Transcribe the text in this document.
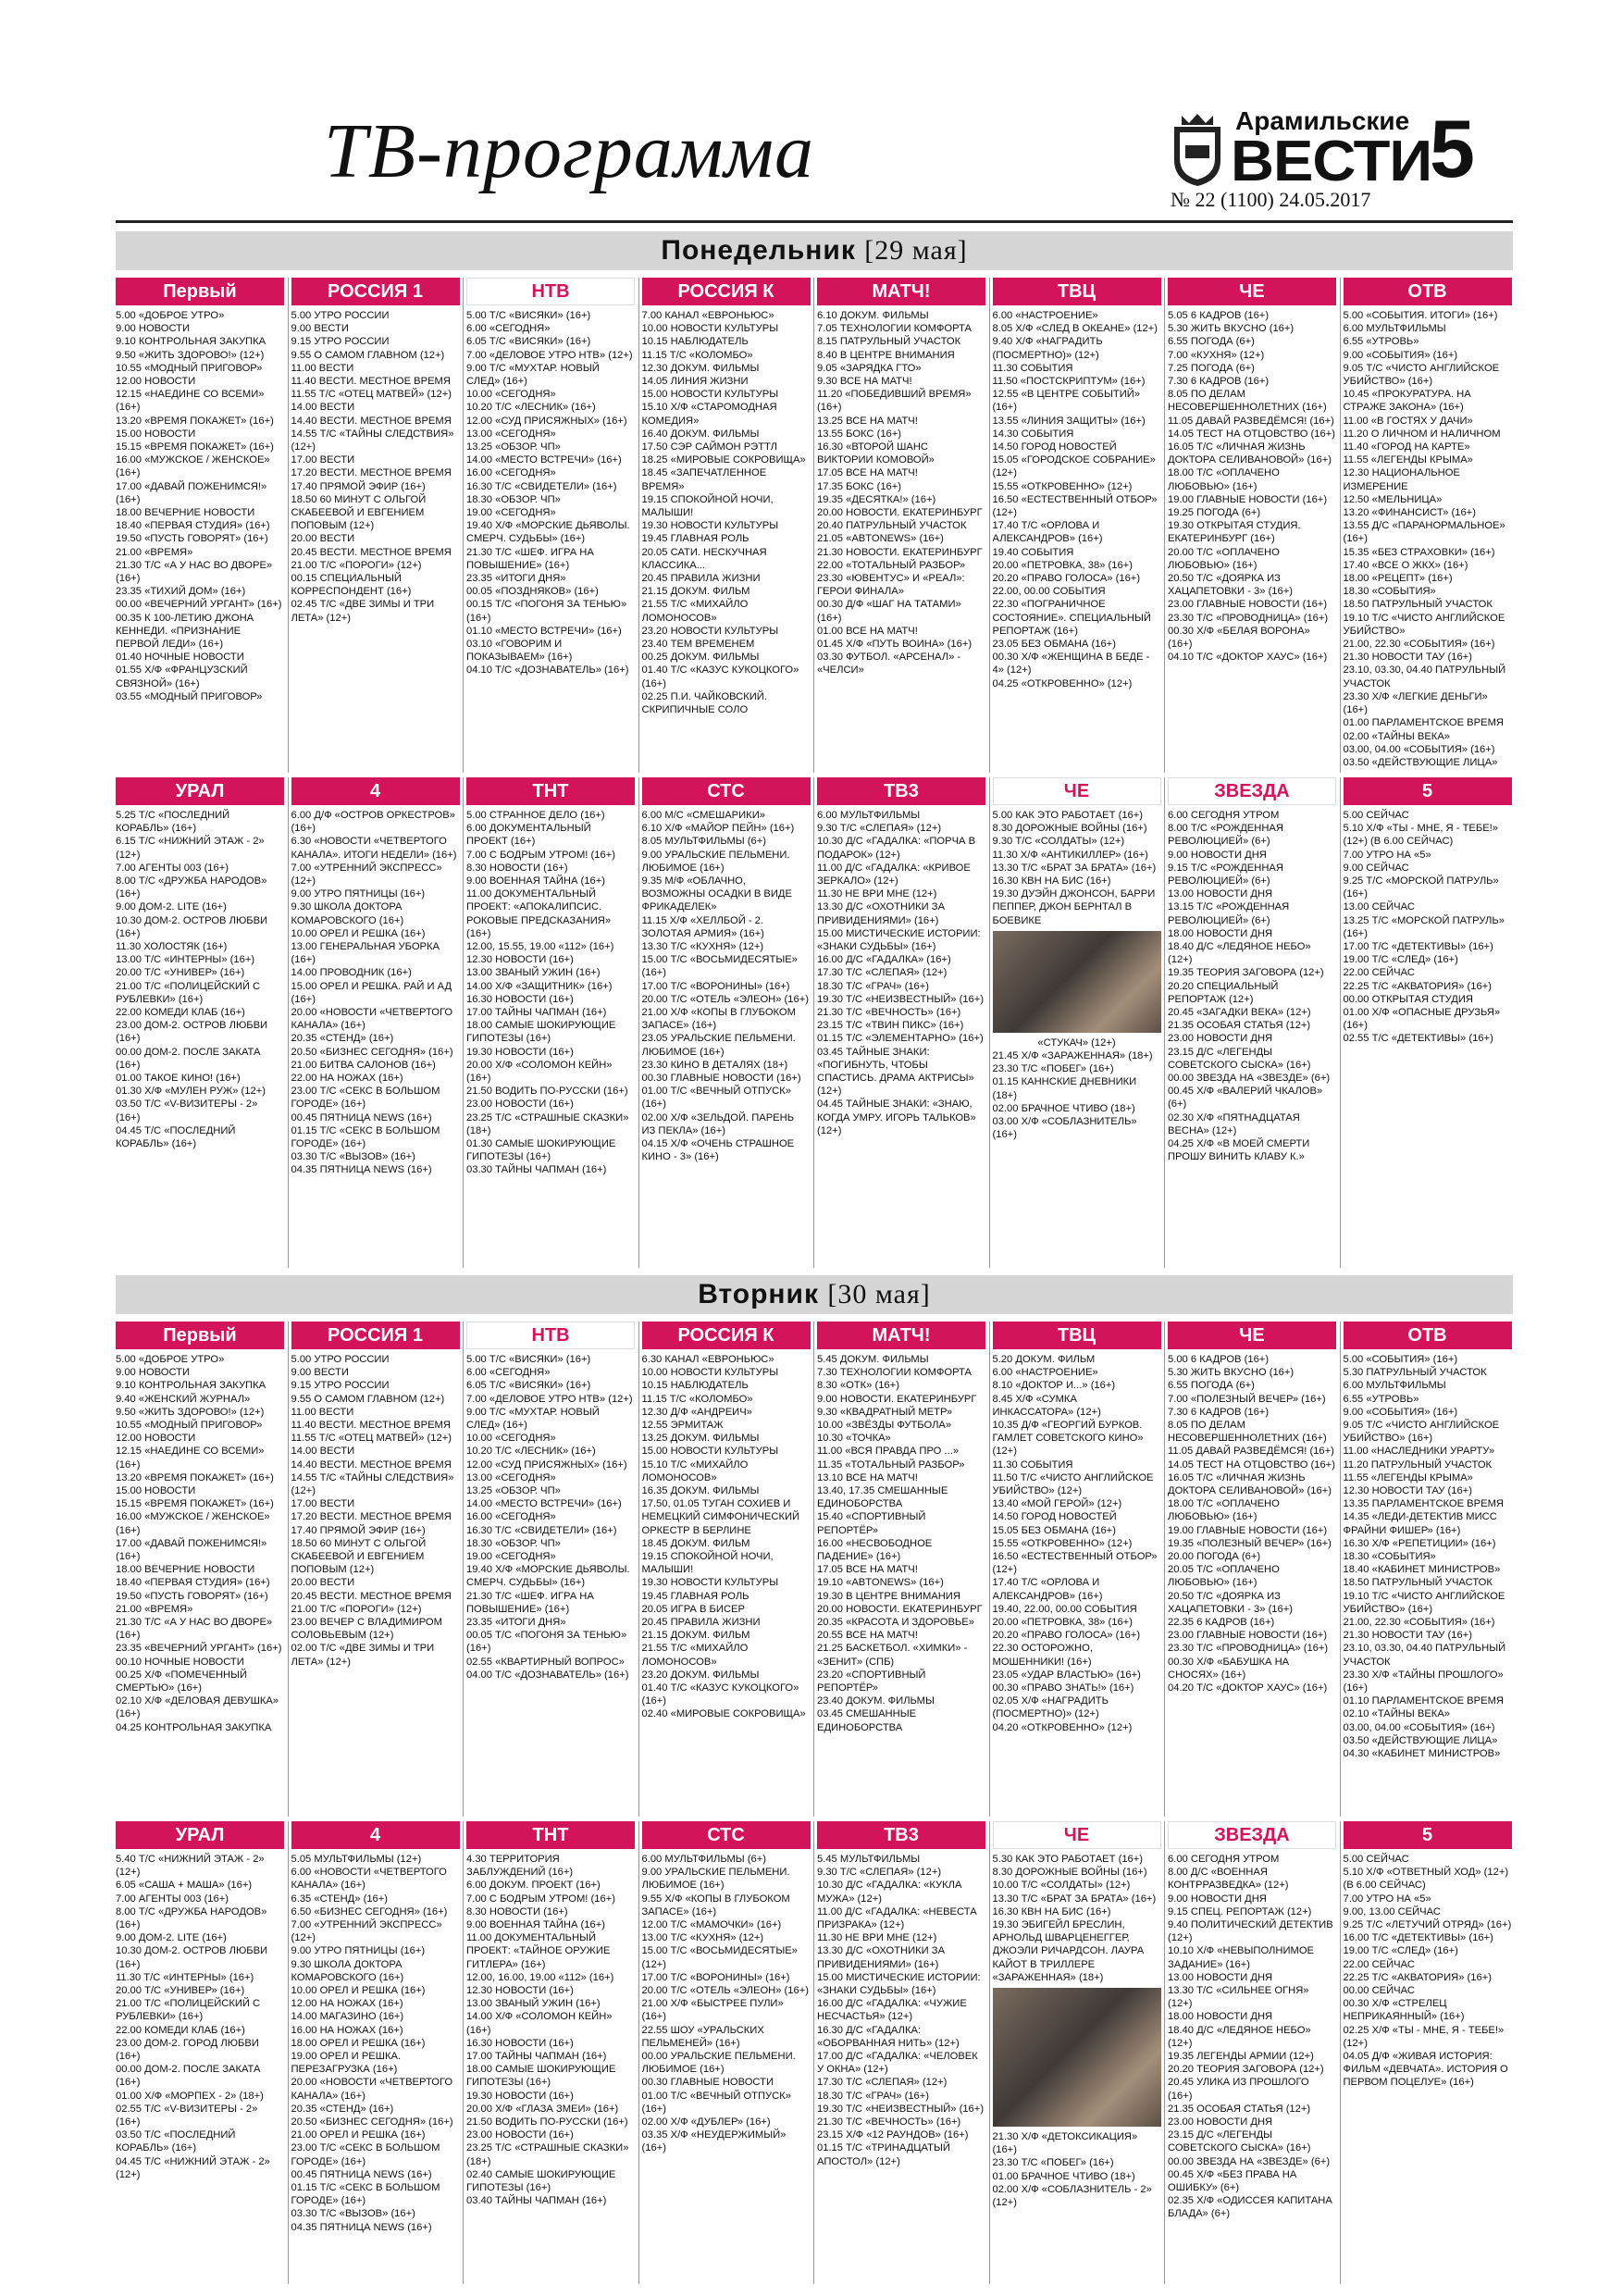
ТВ-программа	Арамильские
ВЕСТИ
5
№ 22 (1100) 24.05.2017
Понедельник [29 мая]
Первый
5.00 «ДОБРОЕ УТРО»
9.00 НОВОСТИ
9.10 КОНТРОЛЬНАЯ ЗАКУПКА
9.50 «ЖИТЬ ЗДОРОВО!» (12+)
10.55 «МОДНЫЙ ПРИГОВОР»
12.00 НОВОСТИ
12.15 «НАЕДИНЕ СО ВСЕМИ» (16+)
13.20 «ВРЕМЯ ПОКАЖЕТ» (16+)
15.00 НОВОСТИ
15.15 «ВРЕМЯ ПОКАЖЕТ» (16+)
16.00 «МУЖСКОЕ / ЖЕНСКОЕ» (16+)
17.00 «ДАВАЙ ПОЖЕНИМСЯ!» (16+)
18.00 ВЕЧЕРНИЕ НОВОСТИ
18.40 «ПЕРВАЯ СТУДИЯ» (16+)
19.50 «ПУСТЬ ГОВОРЯТ» (16+)
21.00 «ВРЕМЯ»
21.30 Т/С «А У НАС ВО ДВОРЕ» (16+)
23.35 «ТИХИЙ ДОМ» (16+)
00.00 «ВЕЧЕРНИЙ УРГАНТ» (16+)
00.35 К 100-ЛЕТИЮ ДЖОНА КЕННЕДИ. «ПРИЗНАНИЕ ПЕРВОЙ ЛЕДИ» (16+)
01.40 НОЧНЫЕ НОВОСТИ
01.55 Х/Ф «ФРАНЦУЗСКИЙ СВЯЗНОЙ» (16+)
03.55 «МОДНЫЙ ПРИГОВОР»
РОССИЯ 1
5.00 УТРО РОССИИ
9.00 ВЕСТИ
9.15 УТРО РОССИИ
9.55 О САМОМ ГЛАВНОМ (12+)
11.00 ВЕСТИ
11.40 ВЕСТИ. МЕСТНОЕ ВРЕМЯ
11.55 Т/С «ОТЕЦ МАТВЕЙ» (12+)
14.00 ВЕСТИ
14.40 ВЕСТИ. МЕСТНОЕ ВРЕМЯ
14.55 Т/С «ТАЙНЫ СЛЕДСТВИЯ» (12+)
17.00 ВЕСТИ
17.20 ВЕСТИ. МЕСТНОЕ ВРЕМЯ
17.40 ПРЯМОЙ ЭФИР (16+)
18.50 60 МИНУТ С ОЛЬГОЙ СКАБЕЕВОЙ И ЕВГЕНИЕМ ПОПОВЫМ (12+)
20.00 ВЕСТИ
20.45 ВЕСТИ. МЕСТНОЕ ВРЕМЯ
21.00 Т/С «ПОРОГИ» (12+)
00.15 СПЕЦИАЛЬНЫЙ КОРРЕСПОНДЕНТ (16+)
02.45 Т/С «ДВЕ ЗИМЫ И ТРИ ЛЕТА» (12+)
НТВ
5.00 Т/С «ВИСЯКИ» (16+)
6.00 «СЕГОДНЯ»
6.05 Т/С «ВИСЯКИ» (16+)
7.00 «ДЕЛОВОЕ УТРО НТВ» (12+)
9.00 Т/С «МУХТАР. НОВЫЙ СЛЕД» (16+)
10.00 «СЕГОДНЯ»
10.20 Т/С «ЛЕСНИК» (16+)
12.00 «СУД ПРИСЯЖНЫХ» (16+)
13.00 «СЕГОДНЯ»
13.25 «ОБЗОР. ЧП»
14.00 «МЕСТО ВСТРЕЧИ» (16+)
16.00 «СЕГОДНЯ»
16.30 Т/С «СВИДЕТЕЛИ» (16+)
18.30 «ОБЗОР. ЧП»
19.00 «СЕГОДНЯ»
19.40 Х/Ф «МОРСКИЕ ДЬЯВОЛЫ. СМЕРЧ. СУДЬБЫ» (16+)
21.30 Т/С «ШЕФ. ИГРА НА ПОВЫШЕНИЕ» (16+)
23.35 «ИТОГИ ДНЯ»
00.05 «ПОЗДНЯКОВ» (16+)
00.15 Т/С «ПОГОНЯ ЗА ТЕНЬЮ» (16+)
01.10 «МЕСТО ВСТРЕЧИ» (16+)
03.10 «ГОВОРИМ И ПОКАЗЫВАЕМ» (16+)
04.10 Т/С «ДОЗНАВАТЕЛЬ» (16+)
РОССИЯ К
7.00 КАНАЛ «ЕВРОНЬЮС»
10.00 НОВОСТИ КУЛЬТУРЫ
10.15 НАБЛЮДАТЕЛЬ
11.15 Т/С «КОЛОМБО»
12.30 ДОКУМ. ФИЛЬМЫ
14.05 ЛИНИЯ ЖИЗНИ
15.00 НОВОСТИ КУЛЬТУРЫ
15.10 Х/Ф «СТАРОМОДНАЯ КОМЕДИЯ»
16.40 ДОКУМ. ФИЛЬМЫ
17.50 СЭР САЙМОН РЭТТЛ
18.25 «МИРОВЫЕ СОКРОВИЩА»
18.45 «ЗАПЕЧАТЛЕННОЕ ВРЕМЯ»
19.15 СПОКОЙНОЙ НОЧИ, МАЛЫШИ!
19.30 НОВОСТИ КУЛЬТУРЫ
19.45 ГЛАВНАЯ РОЛЬ
20.05 САТИ. НЕСКУЧНАЯ КЛАССИКА...
20.45 ПРАВИЛА ЖИЗНИ
21.15 ДОКУМ. ФИЛЬМ
21.55 Т/С «МИХАЙЛО ЛОМОНОСОВ»
23.20 НОВОСТИ КУЛЬТУРЫ
23.40 ТЕМ ВРЕМЕНЕМ
00.25 ДОКУМ. ФИЛЬМЫ
01.40 Т/С «КАЗУС КУКОЦКОГО» (16+)
02.25 П.И. ЧАЙКОВСКИЙ. СКРИПИЧНЫЕ СОЛО
МАТЧ!
6.10 ДОКУМ. ФИЛЬМЫ
7.05 ТЕХНОЛОГИИ КОМФОРТА
8.15 ПАТРУЛЬНЫЙ УЧАСТОК
8.40 В ЦЕНТРЕ ВНИМАНИЯ
9.05 «ЗАРЯДКА ГТО»
9.30 ВСЕ НА МАТЧ!
11.20 «ПОБЕДИВШИЙ ВРЕМЯ» (16+)
13.25 ВСЕ НА МАТЧ!
13.55 БОКС (16+)
16.30 «ВТОРОЙ ШАНС ВИКТОРИИ КОМОВОЙ»
17.05 ВСЕ НА МАТЧ!
17.35 БОКС (16+)
19.35 «ДЕСЯТКА!» (16+)
20.00 НОВОСТИ. ЕКАТЕРИНБУРГ
20.40 ПАТРУЛЬНЫЙ УЧАСТОК
21.05 «ABTONEWS» (16+)
21.30 НОВОСТИ. ЕКАТЕРИНБУРГ
22.00 «ТОТАЛЬНЫЙ РАЗБОР»
23.30 «ЮВЕНТУС» И «РЕАЛ»: ГЕРОИ ФИНАЛА»
00.30 Д/Ф «ШАГ НА ТАТАМИ» (16+)
01.00 ВСЕ НА МАТЧ!
01.45 Х/Ф «ПУТЬ ВОИНА» (16+)
03.30 ФУТБОЛ. «АРСЕНАЛ» - «ЧЕЛСИ»
ТВЦ
6.00 «НАСТРОЕНИЕ»
8.05 Х/Ф «СЛЕД В ОКЕАНЕ» (12+)
9.40 Х/Ф «НАГРАДИТЬ (ПОСМЕРТНО)» (12+)
11.30 СОБЫТИЯ
11.50 «ПОСТСКРИПТУМ» (16+)
12.55 «В ЦЕНТРЕ СОБЫТИЙ» (16+)
13.55 «ЛИНИЯ ЗАЩИТЫ» (16+)
14.30 СОБЫТИЯ
14.50 ГОРОД НОВОСТЕЙ
15.05 «ГОРОДСКОЕ СОБРАНИЕ» (12+)
15.55 «ОТКРОВЕННО» (12+)
16.50 «ЕСТЕСТВЕННЫЙ ОТБОР» (12+)
17.40 Т/С «ОРЛОВА И АЛЕКСАНДРОВ» (16+)
19.40 СОБЫТИЯ
20.00 «ПЕТРОВКА, 38» (16+)
20.20 «ПРАВО ГОЛОСА» (16+)
22.00, 00.00 СОБЫТИЯ
22.30 «ПОГРАНИЧНОЕ СОСТОЯНИЕ». СПЕЦИАЛЬНЫЙ РЕПОРТАЖ (16+)
23.05 БЕЗ ОБМАНА (16+)
00.30 Х/Ф «ЖЕНЩИНА В БЕДЕ - 4» (12+)
04.25 «ОТКРОВЕННО» (12+)
ЧЕ
5.05 6 КАДРОВ (16+)
5.30 ЖИТЬ ВКУСНО (16+)
6.55 ПОГОДА (6+)
7.00 «КУХНЯ» (12+)
7.25 ПОГОДА (6+)
7.30 6 КАДРОВ (16+)
8.05 ПО ДЕЛАМ НЕСОВЕРШЕННОЛЕТНИХ (16+)
11.05 ДАВАЙ РАЗВЕДЁМСЯ! (16+)
14.05 ТЕСТ НА ОТЦОВСТВО (16+)
16.05 Т/С «ЛИЧНАЯ ЖИЗНЬ ДОКТОРА СЕЛИВАНОВОЙ» (16+)
18.00 Т/С «ОПЛАЧЕНО ЛЮБОВЬЮ» (16+)
19.00 ГЛАВНЫЕ НОВОСТИ (16+)
19.25 ПОГОДА (6+)
19.30 ОТКРЫТАЯ СТУДИЯ. ЕКАТЕРИНБУРГ (16+)
20.00 Т/С «ОПЛАЧЕНО ЛЮБОВЬЮ» (16+)
20.50 Т/С «ДОЯРКА ИЗ ХАЦАПЕТОВКИ - 3» (16+)
23.00 ГЛАВНЫЕ НОВОСТИ (16+)
23.30 Т/С «ПРОВОДНИЦА» (16+)
00.30 Х/Ф «БЕЛАЯ ВОРОНА» (16+)
04.10 Т/С «ДОКТОР ХАУС» (16+)
ОТВ
5.00 «СОБЫТИЯ. ИТОГИ» (16+)
6.00 МУЛЬТФИЛЬМЫ
6.55 «УТРОВЬ»
9.00 «СОБЫТИЯ» (16+)
9.05 Т/С «ЧИСТО АНГЛИЙСКОЕ УБИЙСТВО» (16+)
10.45 «ПРОКУРАТУРА. НА СТРАЖЕ ЗАКОНА» (16+)
11.00 «В ГОСТЯХ У ДАЧИ»
11.20 О ЛИЧНОМ И НАЛИЧНОМ
11.40 «ГОРОД НА КАРТЕ»
11.55 «ЛЕГЕНДЫ КРЫМА»
12.30 НАЦИОНАЛЬНОЕ ИЗМЕРЕНИЕ
12.50 «МЕЛЬНИЦА»
13.20 «ФИНАНСИСТ» (16+)
13.55 Д/С «ПАРАНОРМАЛЬНОЕ» (16+)
15.35 «БЕЗ СТРАХОВКИ» (16+)
17.40 «ВСЕ О ЖКХ» (16+)
18.00 «РЕЦЕПТ» (16+)
18.30 «СОБЫТИЯ»
18.50 ПАТРУЛЬНЫЙ УЧАСТОК
19.10 Т/С «ЧИСТО АНГЛИЙСКОЕ УБИЙСТВО»
21.00, 22.30 «СОБЫТИЯ» (16+)
21.30 НОВОСТИ ТАУ (16+)
23.10, 03.30, 04.40 ПАТРУЛЬНЫЙ УЧАСТОК
23.30 Х/Ф «ЛЕГКИЕ ДЕНЬГИ» (16+)
01.00 ПАРЛАМЕНТСКОЕ ВРЕМЯ
02.00 «ТАЙНЫ ВЕКА»
03.00, 04.00 «СОБЫТИЯ» (16+)
03.50 «ДЕЙСТВУЮЩИЕ ЛИЦА»
УРАЛ
5.25 Т/С «ПОСЛЕДНИЙ КОРАБЛЬ» (16+)
6.15 Т/С «НИЖНИЙ ЭТАЖ - 2» (12+)
7.00 АГЕНТЫ 003 (16+)
8.00 Т/С «ДРУЖБА НАРОДОВ» (16+)
9.00 ДОМ-2. LITE (16+)
10.30 ДОМ-2. ОСТРОВ ЛЮБВИ (16+)
11.30 ХОЛОСТЯК (16+)
13.00 Т/С «ИНТЕРНЫ» (16+)
20.00 Т/С «УНИВЕР» (16+)
21.00 Т/С «ПОЛИЦЕЙСКИЙ С РУБЛЕВКИ» (16+)
22.00 КОМЕДИ КЛАБ (16+)
23.00 ДОМ-2. ОСТРОВ ЛЮБВИ (16+)
00.00 ДОМ-2. ПОСЛЕ ЗАКАТА (16+)
01.00 ТАКОЕ КИНО! (16+)
01.30 Х/Ф «МУЛЕН РУЖ» (12+)
03.50 Т/С «V-ВИЗИТЕРЫ - 2» (16+)
04.45 Т/С «ПОСЛЕДНИЙ КОРАБЛЬ» (16+)
4
6.00 Д/Ф «ОСТРОВ ОРКЕСТРОВ» (16+)
6.30 «НОВОСТИ «ЧЕТВЕРТОГО КАНАЛА». ИТОГИ НЕДЕЛИ» (16+)
7.00 «УТРЕННИЙ ЭКСПРЕСС» (12+)
9.00 УТРО ПЯТНИЦЫ (16+)
9.30 ШКОЛА ДОКТОРА КОМАРОВСКОГО (16+)
10.00 ОРЕЛ И РЕШКА (16+)
13.00 ГЕНЕРАЛЬНАЯ УБОРКА (16+)
14.00 ПРОВОДНИК (16+)
15.00 ОРЕЛ И РЕШКА. РАЙ И АД (16+)
20.00 «НОВОСТИ «ЧЕТВЕРТОГО КАНАЛА» (16+)
20.35 «СТЕНД» (16+)
20.50 «БИЗНЕС СЕГОДНЯ» (16+)
21.00 БИТВА САЛОНОВ (16+)
22.00 НА НОЖАХ (16+)
23.00 Т/С «СЕКС В БОЛЬШОМ ГОРОДЕ» (16+)
00.45 ПЯТНИЦА NEWS (16+)
01.15 Т/С «СЕКС В БОЛЬШОМ ГОРОДЕ» (16+)
03.30 Т/С «ВЫЗОВ» (16+)
04.35 ПЯТНИЦА NEWS (16+)
ТНТ
5.00 СТРАННОЕ ДЕЛО (16+)
6.00 ДОКУМЕНТАЛЬНЫЙ ПРОЕКТ (16+)
7.00 С БОДРЫМ УТРОМ! (16+)
8.30 НОВОСТИ (16+)
9.00 ВОЕННАЯ ТАЙНА (16+)
11.00 ДОКУМЕНТАЛЬНЫЙ ПРОЕКТ: «АПОКАЛИПСИС. РОКОВЫЕ ПРЕДСКАЗАНИЯ» (16+)
12.00, 15.55, 19.00 «112» (16+)
12.30 НОВОСТИ (16+)
13.00 ЗВАНЫЙ УЖИН (16+)
14.00 Х/Ф «ЗАЩИТНИК» (16+)
16.30 НОВОСТИ (16+)
17.00 ТАЙНЫ ЧАПМАН (16+)
18.00 САМЫЕ ШОКИРУЮЩИЕ ГИПОТЕЗЫ (16+)
19.30 НОВОСТИ (16+)
20.00 Х/Ф «СОЛОМОН КЕЙН» (16+)
21.50 ВОДИТЬ ПО-РУССКИ (16+)
23.00 НОВОСТИ (16+)
23.25 Т/С «СТРАШНЫЕ СКАЗКИ» (18+)
01.30 САМЫЕ ШОКИРУЮЩИЕ ГИПОТЕЗЫ (16+)
03.30 ТАЙНЫ ЧАПМАН (16+)
СТС
6.00 М/С «СМЕШАРИКИ»
6.10 Х/Ф «МАЙОР ПЕЙН» (16+)
8.05 МУЛЬТФИЛЬМЫ (6+)
9.00 УРАЛЬСКИЕ ПЕЛЬМЕНИ. ЛЮБИМОЕ (16+)
9.35 М/Ф «ОБЛАЧНО, ВОЗМОЖНЫ ОСАДКИ В ВИДЕ ФРИКАДЕЛЕК»
11.15 Х/Ф «ХЕЛЛБОЙ - 2. ЗОЛОТАЯ АРМИЯ» (16+)
13.30 Т/С «КУХНЯ» (12+)
15.00 Т/С «ВОСЬМИДЕСЯТЫЕ» (16+)
17.00 Т/С «ВОРОНИНЫ» (16+)
20.00 Т/С «ОТЕЛЬ «ЭЛЕОН» (16+)
21.00 Х/Ф «КОПЫ В ГЛУБОКОМ ЗАПАСЕ» (16+)
23.05 УРАЛЬСКИЕ ПЕЛЬМЕНИ. ЛЮБИМОЕ (16+)
23.30 КИНО В ДЕТАЛЯХ (18+)
00.30 ГЛАВНЫЕ НОВОСТИ (16+)
01.00 Т/С «ВЕЧНЫЙ ОТПУСК» (16+)
02.00 Х/Ф «ЗЕЛЬДОЙ. ПАРЕНЬ ИЗ ПЕКЛА» (16+)
04.15 Х/Ф «ОЧЕНЬ СТРАШНОЕ КИНО - 3» (16+)
ТВ3
6.00 МУЛЬТФИЛЬМЫ
9.30 Т/С «СЛЕПАЯ» (12+)
10.30 Д/С «ГАДАЛКА: «ПОРЧА В ПОДАРОК» (12+)
11.00 Д/С «ГАДАЛКА: «КРИВОЕ ЗЕРКАЛО» (12+)
11.30 НЕ ВРИ МНЕ (12+)
13.30 Д/С «ОХОТНИКИ ЗА ПРИВИДЕНИЯМИ» (16+)
15.00 МИСТИЧЕСКИЕ ИСТОРИИ: «ЗНАКИ СУДЬБЫ» (16+)
16.00 Д/С «ГАДАЛКА» (16+)
17.30 Т/С «СЛЕПАЯ» (12+)
18.30 Т/С «ГРАЧ» (16+)
19.30 Т/С «НЕИЗВЕСТНЫЙ» (16+)
21.30 Т/С «ВЕЧНОСТЬ» (16+)
23.15 Т/С «ТВИН ПИКС» (16+)
01.15 Т/С «ЭЛЕМЕНТАРНО» (16+)
03.45 ТАЙНЫЕ ЗНАКИ: «ПОГИБНУТЬ, ЧТОБЫ СПАСТИСЬ. ДРАМА АКТРИСЫ» (12+)
04.45 ТАЙНЫЕ ЗНАКИ: «ЗНАЮ, КОГДА УМРУ. ИГОРЬ ТАЛЬКОВ» (12+)
ЧЕ
5.00 КАК ЭТО РАБОТАЕТ (16+)
8.30 ДОРОЖНЫЕ ВОЙНЫ (16+)
9.30 Т/С «СОЛДАТЫ» (12+)
11.30 Х/Ф «АНТИКИЛЛЕР» (16+)
13.30 Т/С «БРАТ ЗА БРАТА» (16+)
16.30 КВН НА БИС (16+)
19.30 ДУЭЙН ДЖОНСОН, БАРРИ ПЕППЕР, ДЖОН БЕРНТАЛ В БОЕВИКЕ
«СТУКАЧ» (12+)
21.45 Х/Ф «ЗАРАЖЕННАЯ» (18+)
23.30 Т/С «ПОБЕГ» (16+)
01.15 КАННСКИЕ ДНЕВНИКИ (18+)
02.00 БРАЧНОЕ ЧТИВО (18+)
03.00 Х/Ф «СОБЛАЗНИТЕЛЬ» (16+)
ЗВЕЗДА
6.00 СЕГОДНЯ УТРОМ
8.00 Т/С «РОЖДЕННАЯ РЕВОЛЮЦИЕЙ» (6+)
9.00 НОВОСТИ ДНЯ
9.15 Т/С «РОЖДЕННАЯ РЕВОЛЮЦИЕЙ» (6+)
13.00 НОВОСТИ ДНЯ
13.15 Т/С «РОЖДЕННАЯ РЕВОЛЮЦИЕЙ» (6+)
18.00 НОВОСТИ ДНЯ
18.40 Д/С «ЛЕДЯНОЕ НЕБО» (12+)
19.35 ТЕОРИЯ ЗАГОВОРА (12+)
20.20 СПЕЦИАЛЬНЫЙ РЕПОРТАЖ (12+)
20.45 «ЗАГАДКИ ВЕКА» (12+)
21.35 ОСОБАЯ СТАТЬЯ (12+)
23.00 НОВОСТИ ДНЯ
23.15 Д/С «ЛЕГЕНДЫ СОВЕТСКОГО СЫСКА» (16+)
00.00 ЗВЕЗДА НА «ЗВЕЗДЕ» (6+)
00.45 Х/Ф «ВАЛЕРИЙ ЧКАЛОВ» (6+)
02.30 Х/Ф «ПЯТНАДЦАТАЯ ВЕСНА» (12+)
04.25 Х/Ф «В МОЕЙ СМЕРТИ ПРОШУ ВИНИТЬ КЛАВУ К.»
5
5.00 СЕЙЧАС
5.10 Х/Ф «ТЫ - МНЕ, Я - ТЕБЕ!» (12+) (В 6.00 СЕЙЧАС)
7.00 УТРО НА «5»
9.00 СЕЙЧАС
9.25 Т/С «МОРСКОЙ ПАТРУЛЬ» (16+)
13.00 СЕЙЧАС
13.25 Т/С «МОРСКОЙ ПАТРУЛЬ» (16+)
17.00 Т/С «ДЕТЕКТИВЫ» (16+)
19.00 Т/С «СЛЕД» (16+)
22.00 СЕЙЧАС
22.25 Т/С «АКВАТОРИЯ» (16+)
00.00 ОТКРЫТАЯ СТУДИЯ
01.00 Х/Ф «ОПАСНЫЕ ДРУЗЬЯ» (16+)
02.55 Т/С «ДЕТЕКТИВЫ» (16+)
Вторник [30 мая]
Первый
5.00 «ДОБРОЕ УТРО»
9.00 НОВОСТИ
9.10 КОНТРОЛЬНАЯ ЗАКУПКА
9.40 «ЖЕНСКИЙ ЖУРНАЛ»
9.50 «ЖИТЬ ЗДОРОВО!» (12+)
10.55 «МОДНЫЙ ПРИГОВОР»
12.00 НОВОСТИ
12.15 «НАЕДИНЕ СО ВСЕМИ» (16+)
13.20 «ВРЕМЯ ПОКАЖЕТ» (16+)
15.00 НОВОСТИ
15.15 «ВРЕМЯ ПОКАЖЕТ» (16+)
16.00 «МУЖСКОЕ / ЖЕНСКОЕ» (16+)
17.00 «ДАВАЙ ПОЖЕНИМСЯ!» (16+)
18.00 ВЕЧЕРНИЕ НОВОСТИ
18.40 «ПЕРВАЯ СТУДИЯ» (16+)
19.50 «ПУСТЬ ГОВОРЯТ» (16+)
21.00 «ВРЕМЯ»
21.30 Т/С «А У НАС ВО ДВОРЕ» (16+)
23.35 «ВЕЧЕРНИЙ УРГАНТ» (16+)
00.10 НОЧНЫЕ НОВОСТИ
00.25 Х/Ф «ПОМЕЧЕННЫЙ СМЕРТЬЮ» (16+)
02.10 Х/Ф «ДЕЛОВАЯ ДЕВУШКА» (16+)
04.25 КОНТРОЛЬНАЯ ЗАКУПКА
РОССИЯ 1
5.00 УТРО РОССИИ
9.00 ВЕСТИ
9.15 УТРО РОССИИ
9.55 О САМОМ ГЛАВНОМ (12+)
11.00 ВЕСТИ
11.40 ВЕСТИ. МЕСТНОЕ ВРЕМЯ
11.55 Т/С «ОТЕЦ МАТВЕЙ» (12+)
14.00 ВЕСТИ
14.40 ВЕСТИ. МЕСТНОЕ ВРЕМЯ
14.55 Т/С «ТАЙНЫ СЛЕДСТВИЯ» (12+)
17.00 ВЕСТИ
17.20 ВЕСТИ. МЕСТНОЕ ВРЕМЯ
17.40 ПРЯМОЙ ЭФИР (16+)
18.50 60 МИНУТ С ОЛЬГОЙ СКАБЕЕВОЙ И ЕВГЕНИЕМ ПОПОВЫМ (12+)
20.00 ВЕСТИ
20.45 ВЕСТИ. МЕСТНОЕ ВРЕМЯ
21.00 Т/С «ПОРОГИ» (12+)
23.00 ВЕЧЕР С ВЛАДИМИРОМ СОЛОВЬЕВЫМ (12+)
02.00 Т/С «ДВЕ ЗИМЫ И ТРИ ЛЕТА» (12+)
НТВ
5.00 Т/С «ВИСЯКИ» (16+)
6.00 «СЕГОДНЯ»
6.05 Т/С «ВИСЯКИ» (16+)
7.00 «ДЕЛОВОЕ УТРО НТВ» (12+)
9.00 Т/С «МУХТАР. НОВЫЙ СЛЕД» (16+)
10.00 «СЕГОДНЯ»
10.20 Т/С «ЛЕСНИК» (16+)
12.00 «СУД ПРИСЯЖНЫХ» (16+)
13.00 «СЕГОДНЯ»
13.25 «ОБЗОР. ЧП»
14.00 «МЕСТО ВСТРЕЧИ» (16+)
16.00 «СЕГОДНЯ»
16.30 Т/С «СВИДЕТЕЛИ» (16+)
18.30 «ОБЗОР. ЧП»
19.00 «СЕГОДНЯ»
19.40 Х/Ф «МОРСКИЕ ДЬЯВОЛЫ. СМЕРЧ. СУДЬБЫ» (16+)
21.30 Т/С «ШЕФ. ИГРА НА ПОВЫШЕНИЕ» (16+)
23.35 «ИТОГИ ДНЯ»
00.05 Т/С «ПОГОНЯ ЗА ТЕНЬЮ» (16+)
02.55 «КВАРТИРНЫЙ ВОПРОС»
04.00 Т/С «ДОЗНАВАТЕЛЬ» (16+)
РОССИЯ К
6.30 КАНАЛ «ЕВРОНЬЮС»
10.00 НОВОСТИ КУЛЬТУРЫ
10.15 НАБЛЮДАТЕЛЬ
11.15 Т/С «КОЛОМБО»
12.30 Д/Ф «АНДРЕИЧ»
12.55 ЭРМИТАЖ
13.25 ДОКУМ. ФИЛЬМЫ
15.00 НОВОСТИ КУЛЬТУРЫ
15.10 Т/С «МИХАЙЛО ЛОМОНОСОВ»
16.35 ДОКУМ. ФИЛЬМЫ
17.50, 01.05 ТУГАН СОХИЕВ И НЕМЕЦКИЙ СИМФОНИЧЕСКИЙ ОРКЕСТР В БЕРЛИНЕ
18.45 ДОКУМ. ФИЛЬМ
19.15 СПОКОЙНОЙ НОЧИ, МАЛЫШИ!
19.30 НОВОСТИ КУЛЬТУРЫ
19.45 ГЛАВНАЯ РОЛЬ
20.05 ИГРА В БИСЕР
20.45 ПРАВИЛА ЖИЗНИ
21.15 ДОКУМ. ФИЛЬМ
21.55 Т/С «МИХАЙЛО ЛОМОНОСОВ»
23.20 ДОКУМ. ФИЛЬМЫ
01.40 Т/С «КАЗУС КУКОЦКОГО» (16+)
02.40 «МИРОВЫЕ СОКРОВИЩА»
МАТЧ!
5.45 ДОКУМ. ФИЛЬМЫ
7.30 ТЕХНОЛОГИИ КОМФОРТА
8.30 «ОТК» (16+)
9.00 НОВОСТИ. ЕКАТЕРИНБУРГ
9.30 «КВАДРАТНЫЙ МЕТР»
10.00 «ЗВЁЗДЫ ФУТБОЛА»
10.30 «ТОЧКА»
11.00 «ВСЯ ПРАВДА ПРО ...»
11.35 «ТОТАЛЬНЫЙ РАЗБОР»
13.10 ВСЕ НА МАТЧ!
13.40, 17.35 СМЕШАННЫЕ ЕДИНОБОРСТВА
15.40 «СПОРТИВНЫЙ РЕПОРТЁР»
16.00 «НЕСВОБОДНОЕ ПАДЕНИЕ» (16+)
17.05 ВСЕ НА МАТЧ!
19.10 «ABTONEWS» (16+)
19.30 В ЦЕНТРЕ ВНИМАНИЯ
20.00 НОВОСТИ. ЕКАТЕРИНБУРГ
20.35 «КРАСОТА И ЗДОРОВЬЕ»
20.55 ВСЕ НА МАТЧ!
21.25 БАСКЕТБОЛ. «ХИМКИ» - «ЗЕНИТ» (СПБ)
23.20 «СПОРТИВНЫЙ РЕПОРТЁР»
23.40 ДОКУМ. ФИЛЬМЫ
03.45 СМЕШАННЫЕ ЕДИНОБОРСТВА
ТВЦ
5.20 ДОКУМ. ФИЛЬМ
6.00 «НАСТРОЕНИЕ»
8.10 «ДОКТОР И...» (16+)
8.45 Х/Ф «СУМКА ИНКАССАТОРА» (12+)
10.35 Д/Ф «ГЕОРГИЙ БУРКОВ. ГАМЛЕТ СОВЕТСКОГО КИНО» (12+)
11.30 СОБЫТИЯ
11.50 Т/С «ЧИСТО АНГЛИЙСКОЕ УБИЙСТВО» (12+)
13.40 «МОЙ ГЕРОЙ» (12+)
14.50 ГОРОД НОВОСТЕЙ
15.05 БЕЗ ОБМАНА (16+)
15.55 «ОТКРОВЕННО» (12+)
16.50 «ЕСТЕСТВЕННЫЙ ОТБОР» (12+)
17.40 Т/С «ОРЛОВА И АЛЕКСАНДРОВ» (16+)
19.40, 22.00, 00.00 СОБЫТИЯ
20.00 «ПЕТРОВКА, 38» (16+)
20.20 «ПРАВО ГОЛОСА» (16+)
22.30 ОСТОРОЖНО, МОШЕННИКИ! (16+)
23.05 «УДАР ВЛАСТЬЮ» (16+)
00.30 «ПРАВО ЗНАТЬ!» (16+)
02.05 Х/Ф «НАГРАДИТЬ (ПОСМЕРТНО)» (12+)
04.20 «ОТКРОВЕННО» (12+)
ЧЕ
5.00 6 КАДРОВ (16+)
5.30 ЖИТЬ ВКУСНО (16+)
6.55 ПОГОДА (6+)
7.00 «ПОЛЕЗНЫЙ ВЕЧЕР» (16+)
7.30 6 КАДРОВ (16+)
8.05 ПО ДЕЛАМ НЕСОВЕРШЕННОЛЕТНИХ (16+)
11.05 ДАВАЙ РАЗВЕДЁМСЯ! (16+)
14.05 ТЕСТ НА ОТЦОВСТВО (16+)
16.05 Т/С «ЛИЧНАЯ ЖИЗНЬ ДОКТОРА СЕЛИВАНОВОЙ» (16+)
18.00 Т/С «ОПЛАЧЕНО ЛЮБОВЬЮ» (16+)
19.00 ГЛАВНЫЕ НОВОСТИ (16+)
19.35 «ПОЛЕЗНЫЙ ВЕЧЕР» (16+)
20.00 ПОГОДА (6+)
20.05 Т/С «ОПЛАЧЕНО ЛЮБОВЬЮ» (16+)
20.50 Т/С «ДОЯРКА ИЗ ХАЦАПЕТОВКИ - 3» (16+)
22.35 6 КАДРОВ (16+)
23.00 ГЛАВНЫЕ НОВОСТИ (16+)
23.30 Т/С «ПРОВОДНИЦА» (16+)
00.30 Х/Ф «БАБУШКА НА СНОСЯХ» (16+)
04.20 Т/С «ДОКТОР ХАУС» (16+)
ОТВ
5.00 «СОБЫТИЯ» (16+)
5.30 ПАТРУЛЬНЫЙ УЧАСТОК
6.00 МУЛЬТФИЛЬМЫ
6.55 «УТРОВЬ»
9.00 «СОБЫТИЯ» (16+)
9.05 Т/С «ЧИСТО АНГЛИЙСКОЕ УБИЙСТВО» (16+)
11.00 «НАСЛЕДНИКИ УРАРТУ»
11.20 ПАТРУЛЬНЫЙ УЧАСТОК
11.55 «ЛЕГЕНДЫ КРЫМА»
12.30 НОВОСТИ ТАУ (16+)
13.35 ПАРЛАМЕНТСКОЕ ВРЕМЯ
14.35 «ЛЕДИ-ДЕТЕКТИВ МИСС ФРАЙНИ ФИШЕР» (16+)
16.30 Х/Ф «РЕПЕТИЦИИ» (16+)
18.30 «СОБЫТИЯ»
18.40 «КАБИНЕТ МИНИСТРОВ»
18.50 ПАТРУЛЬНЫЙ УЧАСТОК
19.10 Т/С «ЧИСТО АНГЛИЙСКОЕ УБИЙСТВО» (16+)
21.00, 22.30 «СОБЫТИЯ» (16+)
21.30 НОВОСТИ ТАУ (16+)
23.10, 03.30, 04.40 ПАТРУЛЬНЫЙ УЧАСТОК
23.30 Х/Ф «ТАЙНЫ ПРОШЛОГО» (16+)
01.10 ПАРЛАМЕНТСКОЕ ВРЕМЯ
02.10 «ТАЙНЫ ВЕКА»
03.00, 04.00 «СОБЫТИЯ» (16+)
03.50 «ДЕЙСТВУЮЩИЕ ЛИЦА»
04.30 «КАБИНЕТ МИНИСТРОВ»
УРАЛ
5.40 Т/С «НИЖНИЙ ЭТАЖ - 2» (12+)
6.05 «САША + МАША» (16+)
7.00 АГЕНТЫ 003 (16+)
8.00 Т/С «ДРУЖБА НАРОДОВ» (16+)
9.00 ДОМ-2. LITE (16+)
10.30 ДОМ-2. ОСТРОВ ЛЮБВИ (16+)
11.30 Т/С «ИНТЕРНЫ» (16+)
20.00 Т/С «УНИВЕР» (16+)
21.00 Т/С «ПОЛИЦЕЙСКИЙ С РУБЛЕВКИ» (16+)
22.00 КОМЕДИ КЛАБ (16+)
23.00 ДОМ-2. ГОРОД ЛЮБВИ (16+)
00.00 ДОМ-2. ПОСЛЕ ЗАКАТА (16+)
01.00 Х/Ф «МОРПЕХ - 2» (18+)
02.55 Т/С «V-ВИЗИТЕРЫ - 2» (16+)
03.50 Т/С «ПОСЛЕДНИЙ КОРАБЛЬ» (16+)
04.45 Т/С «НИЖНИЙ ЭТАЖ - 2» (12+)
4
5.05 МУЛЬТФИЛЬМЫ (12+)
6.00 «НОВОСТИ «ЧЕТВЕРТОГО КАНАЛА» (16+)
6.35 «СТЕНД» (16+)
6.50 «БИЗНЕС СЕГОДНЯ» (16+)
7.00 «УТРЕННИЙ ЭКСПРЕСС» (12+)
9.00 УТРО ПЯТНИЦЫ (16+)
9.30 ШКОЛА ДОКТОРА КОМАРОВСКОГО (16+)
10.00 ОРЕЛ И РЕШКА (16+)
12.00 НА НОЖАХ (16+)
14.00 МАГАЗИНО (16+)
16.00 НА НОЖАХ (16+)
18.00 ОРЕЛ И РЕШКА (16+)
19.00 ОРЕЛ И РЕШКА. ПЕРЕЗАГРУЗКА (16+)
20.00 «НОВОСТИ «ЧЕТВЕРТОГО КАНАЛА» (16+)
20.35 «СТЕНД» (16+)
20.50 «БИЗНЕС СЕГОДНЯ» (16+)
21.00 ОРЕЛ И РЕШКА (16+)
23.00 Т/С «СЕКС В БОЛЬШОМ ГОРОДЕ» (16+)
00.45 ПЯТНИЦА NEWS (16+)
01.15 Т/С «СЕКС В БОЛЬШОМ ГОРОДЕ» (16+)
03.30 Т/С «ВЫЗОВ» (16+)
04.35 ПЯТНИЦА NEWS (16+)
ТНТ
4.30 ТЕРРИТОРИЯ ЗАБЛУЖДЕНИЙ (16+)
6.00 ДОКУМ. ПРОЕКТ (16+)
7.00 С БОДРЫМ УТРОМ! (16+)
8.30 НОВОСТИ (16+)
9.00 ВОЕННАЯ ТАЙНА (16+)
11.00 ДОКУМЕНТАЛЬНЫЙ ПРОЕКТ: «ТАЙНОЕ ОРУЖИЕ ГИТЛЕРА» (16+)
12.00, 16.00, 19.00 «112» (16+)
12.30 НОВОСТИ (16+)
13.00 ЗВАНЫЙ УЖИН (16+)
14.00 Х/Ф «СОЛОМОН КЕЙН» (16+)
16.30 НОВОСТИ (16+)
17.00 ТАЙНЫ ЧАПМАН (16+)
18.00 САМЫЕ ШОКИРУЮЩИЕ ГИПОТЕЗЫ (16+)
19.30 НОВОСТИ (16+)
20.00 Х/Ф «ГЛАЗА ЗМЕИ» (16+)
21.50 ВОДИТЬ ПО-РУССКИ (16+)
23.00 НОВОСТИ (16+)
23.25 Т/С «СТРАШНЫЕ СКАЗКИ» (18+)
02.40 САМЫЕ ШОКИРУЮЩИЕ ГИПОТЕЗЫ (16+)
03.40 ТАЙНЫ ЧАПМАН (16+)
СТС
6.00 МУЛЬТФИЛЬМЫ (6+)
9.00 УРАЛЬСКИЕ ПЕЛЬМЕНИ. ЛЮБИМОЕ (16+)
9.55 Х/Ф «КОПЫ В ГЛУБОКОМ ЗАПАСЕ» (16+)
12.00 Т/С «МАМОЧКИ» (16+)
13.00 Т/С «КУХНЯ» (12+)
15.00 Т/С «ВОСЬМИДЕСЯТЫЕ» (12+)
17.00 Т/С «ВОРОНИНЫ» (16+)
20.00 Т/С «ОТЕЛЬ «ЭЛЕОН» (16+)
21.00 Х/Ф «БЫСТРЕЕ ПУЛИ» (16+)
22.55 ШОУ «УРАЛЬСКИХ ПЕЛЬМЕНЕЙ» (16+)
00.00 УРАЛЬСКИЕ ПЕЛЬМЕНИ. ЛЮБИМОЕ (16+)
00.30 ГЛАВНЫЕ НОВОСТИ
01.00 Т/С «ВЕЧНЫЙ ОТПУСК» (16+)
02.00 Х/Ф «ДУБЛЕР» (16+)
03.35 Х/Ф «НЕУДЕРЖИМЫЙ» (16+)
ТВ3
5.45 МУЛЬТФИЛЬМЫ
9.30 Т/С «СЛЕПАЯ» (12+)
10.30 Д/С «ГАДАЛКА: «КУКЛА МУЖА» (12+)
11.00 Д/С «ГАДАЛКА: «НЕВЕСТА ПРИЗРАКА» (12+)
11.30 НЕ ВРИ МНЕ (12+)
13.30 Д/С «ОХОТНИКИ ЗА ПРИВИДЕНИЯМИ» (16+)
15.00 МИСТИЧЕСКИЕ ИСТОРИИ: «ЗНАКИ СУДЬБЫ» (16+)
16.00 Д/С «ГАДАЛКА: «ЧУЖИЕ НЕСЧАСТЬЯ» (12+)
16.30 Д/С «ГАДАЛКА: «ОБОРВАННАЯ НИТЬ» (12+)
17.00 Д/С «ГАДАЛКА: «ЧЕЛОВЕК У ОКНА» (12+)
17.30 Т/С «СЛЕПАЯ» (12+)
18.30 Т/С «ГРАЧ» (16+)
19.30 Т/С «НЕИЗВЕСТНЫЙ» (16+)
21.30 Т/С «ВЕЧНОСТЬ» (16+)
23.15 Х/Ф «12 РАУНДОВ» (16+)
01.15 Т/С «ТРИНАДЦАТЫЙ АПОСТОЛ» (12+)
ЧЕ
5.30 КАК ЭТО РАБОТАЕТ (16+)
8.30 ДОРОЖНЫЕ ВОЙНЫ (16+)
10.00 Т/С «СОЛДАТЫ» (12+)
13.30 Т/С «БРАТ ЗА БРАТА» (16+)
16.30 КВН НА БИС (16+)
19.30 ЭБИГЕЙЛ БРЕСЛИН, АРНОЛЬД ШВАРЦЕНЕГГЕР, ДЖОЭЛИ РИЧАРДСОН. ЛАУРА КАЙОТ В ТРИЛЛЕРЕ «ЗАРАЖЕННАЯ» (18+)
21.30 Х/Ф «ДЕТОКСИКАЦИЯ» (16+)
23.30 Т/С «ПОБЕГ» (16+)
01.00 БРАЧНОЕ ЧТИВО (18+)
02.00 Х/Ф «СОБЛАЗНИТЕЛЬ - 2» (12+)
ЗВЕЗДА
6.00 СЕГОДНЯ УТРОМ
8.00 Д/С «ВОЕННАЯ КОНТРРАЗВЕДКА» (12+)
9.00 НОВОСТИ ДНЯ
9.15 СПЕЦ. РЕПОРТАЖ (12+)
9.40 ПОЛИТИЧЕСКИЙ ДЕТЕКТИВ (12+)
10.10 Х/Ф «НЕВЫПОЛНИМОЕ ЗАДАНИЕ» (16+)
13.00 НОВОСТИ ДНЯ
13.30 Т/С «СИЛЬНЕЕ ОГНЯ» (12+)
18.00 НОВОСТИ ДНЯ
18.40 Д/С «ЛЕДЯНОЕ НЕБО» (12+)
19.35 ЛЕГЕНДЫ АРМИИ (12+)
20.20 ТЕОРИЯ ЗАГОВОРА (12+)
20.45 УЛИКА ИЗ ПРОШЛОГО (16+)
21.35 ОСОБАЯ СТАТЬЯ (12+)
23.00 НОВОСТИ ДНЯ
23.15 Д/С «ЛЕГЕНДЫ СОВЕТСКОГО СЫСКА» (16+)
00.00 ЗВЕЗДА НА «ЗВЕЗДЕ» (6+)
00.45 Х/Ф «БЕЗ ПРАВА НА ОШИБКУ» (6+)
02.35 Х/Ф «ОДИССЕЯ КАПИТАНА БЛАДА» (6+)
5
5.00 СЕЙЧАС
5.10 Х/Ф «ОТВЕТНЫЙ ХОД» (12+) (В 6.00 СЕЙЧАС)
7.00 УТРО НА «5»
9.00, 13.00 СЕЙЧАС
9.25 Т/С «ЛЕТУЧИЙ ОТРЯД» (16+)
16.00 Т/С «ДЕТЕКТИВЫ» (16+)
19.00 Т/С «СЛЕД» (16+)
22.00 СЕЙЧАС
22.25 Т/С «АКВАТОРИЯ» (16+)
00.00 СЕЙЧАС
00.30 Х/Ф «СТРЕЛЕЦ НЕПРИКАЯННЫЙ» (16+)
02.25 Х/Ф «ТЫ - МНЕ, Я - ТЕБЕ!» (12+)
04.05 Д/Ф «ЖИВАЯ ИСТОРИЯ: ФИЛЬМ «ДЕВЧАТА». ИСТОРИЯ О ПЕРВОМ ПОЦЕЛУЕ» (16+)
